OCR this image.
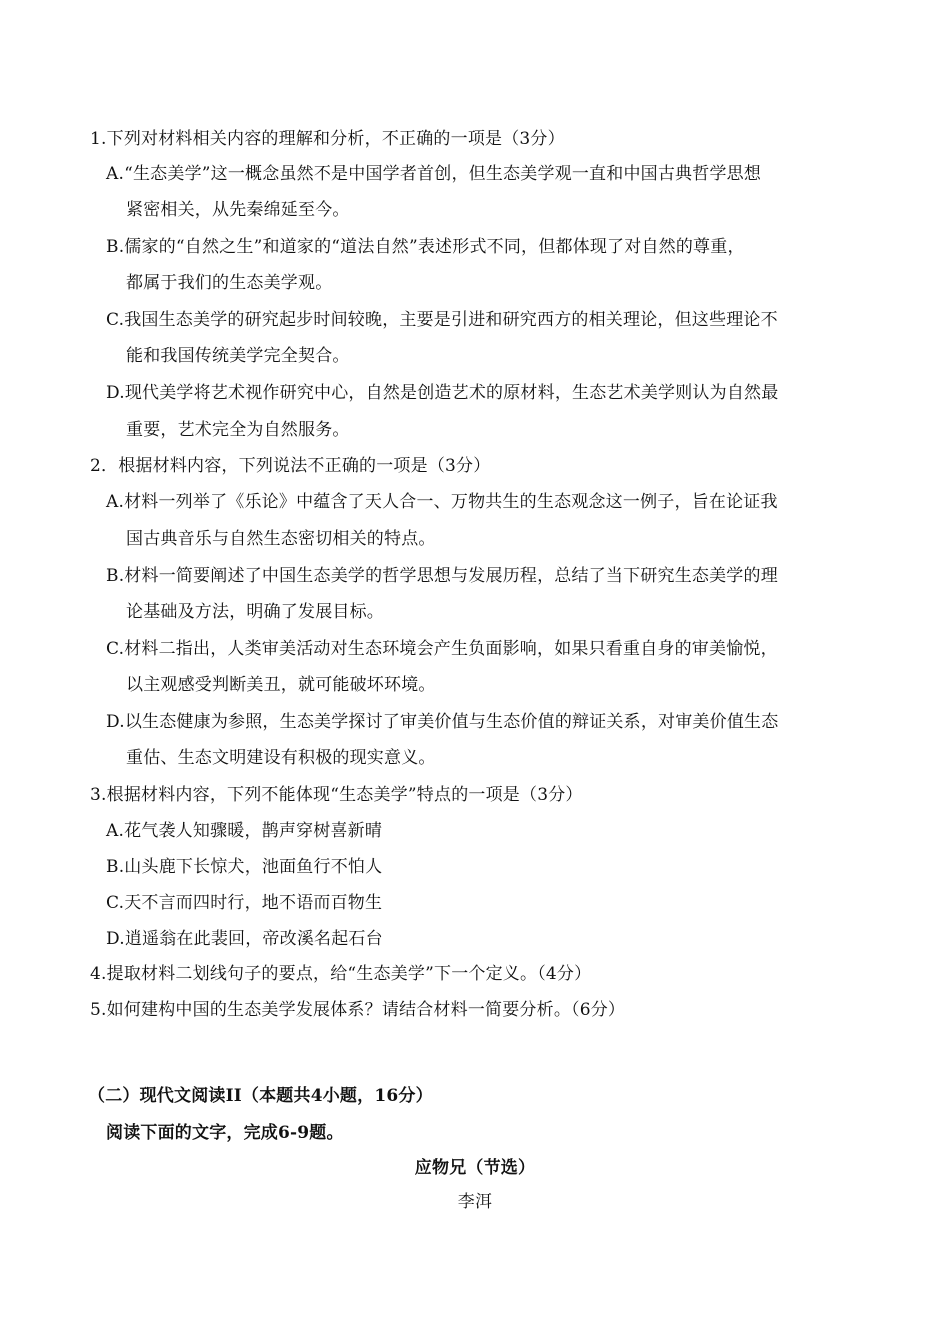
1.下列对材料相关内容的理解和分析，不正确的一项是（3分）
A.“生态美学”这一概念虽然不是中国学者首创，但生态美学观一直和中国古典哲学思想
紧密相关，从先秦绵延至今。
B.儒家的“自然之生”和道家的“道法自然”表述形式不同，但都体现了对自然的尊重，
都属于我们的生态美学观。
C.我国生态美学的研究起步时间较晚，主要是引进和研究西方的相关理论，但这些理论不
能和我国传统美学完全契合。
D.现代美学将艺术视作研究中心，自然是创造艺术的原材料，生态艺术美学则认为自然最
重要，艺术完全为自然服务。
2．根据材料内容，下列说法不正确的一项是（3分）
A.材料一列举了《乐论》中蕴含了天人合一、万物共生的生态观念这一例子，旨在论证我
国古典音乐与自然生态密切相关的特点。
B.材料一简要阐述了中国生态美学的哲学思想与发展历程，总结了当下研究生态美学的理
论基础及方法，明确了发展目标。
C.材料二指出，人类审美活动对生态环境会产生负面影响，如果只看重自身的审美愉悦，
以主观感受判断美丑，就可能破坏环境。
D.以生态健康为参照，生态美学探讨了审美价值与生态价值的辩证关系，对审美价值生态
重估、生态文明建设有积极的现实意义。
3.根据材料内容，下列不能体现“生态美学”特点的一项是（3分）
A.花气袭人知骤暖，鹊声穿树喜新晴
B.山头鹿下长惊犬，池面鱼行不怕人
C.天不言而四时行，地不语而百物生
D.逍遥翁在此裴回，帝改溪名起石台
4.提取材料二划线句子的要点，给“生态美学”下一个定义。（4分）
5.如何建构中国的生态美学发展体系？请结合材料一简要分析。（6分）
（二）现代文阅读II（本题共4小题，16分）
阅读下面的文字，完成6-9题。
应物兄（节选）
李洱
